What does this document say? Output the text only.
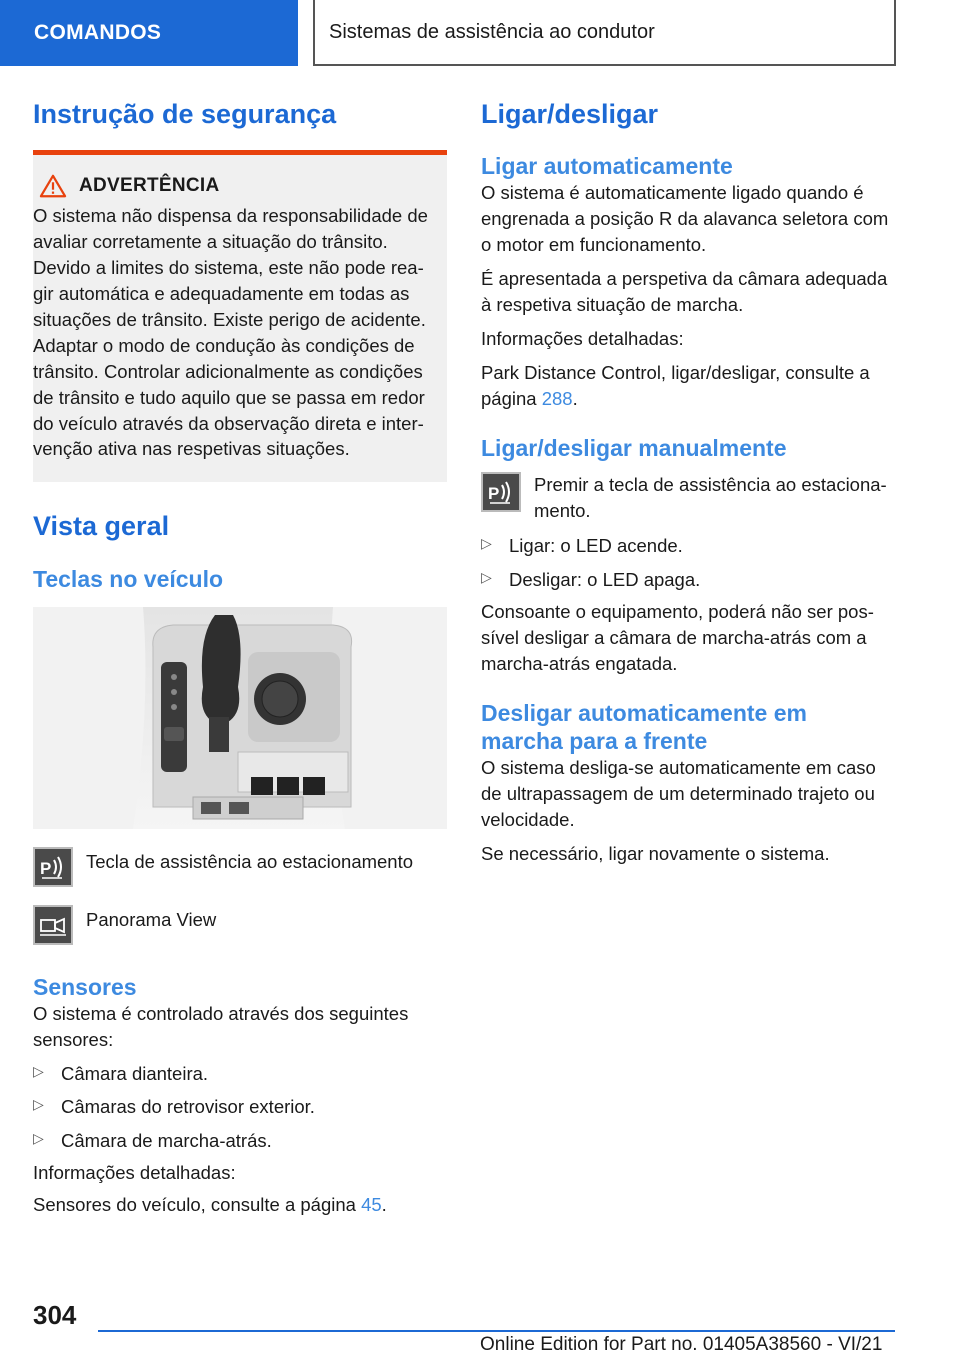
COMANDOS	Sistemas de assistência ao condutor
Instrução de segurança
ADVERTÊNCIA

O sistema não dispensa da responsabilidade de avaliar corretamente a situação do trânsito. Devido a limites do sistema, este não pode rea-gir automática e adequadamente em todas as situações de trânsito. Existe perigo de acidente. Adaptar o modo de condução às condições de trânsito. Controlar adicionalmente as condições de trânsito e tudo aquilo que se passa em redor do veículo através da observação direta e inter-venção ativa nas respetivas situações.

Vista geral
Teclas no veículo
P Tecla de assistência ao estacionamento
Panorama View
Sensores

O sistema é controlado através dos seguintes sensores:

▷ Câmara dianteira.
▷ Câmaras do retrovisor exterior.
▷ Câmara de marcha-atrás.

Informações detalhadas:

Sensores do veículo, consulte a página 45.

Ligar/desligar
Ligar automaticamente

O sistema é automaticamente ligado quando é engrenada a posição R da alavanca seletora com o motor em funcionamento.

É apresentada a perspetiva da câmara adequada à respetiva situação de marcha.

Informações detalhadas:

Park Distance Control, ligar/desligar, consulte a página 288.

Ligar/desligar manualmente
P Premir a tecla de assistência ao estaciona-mento.
▷ Ligar: o LED acende.
▷ Desligar: o LED apaga.

Consoante o equipamento, poderá não ser pos-sível desligar a câmara de marcha-atrás com a marcha-atrás engatada.

Desligar automaticamente em marcha para a frente

O sistema desliga-se automaticamente em caso de ultrapassagem de um determinado trajeto ou velocidade.

Se necessário, ligar novamente o sistema.

304
Online Edition for Part no. 01405A38560 - VI/21
